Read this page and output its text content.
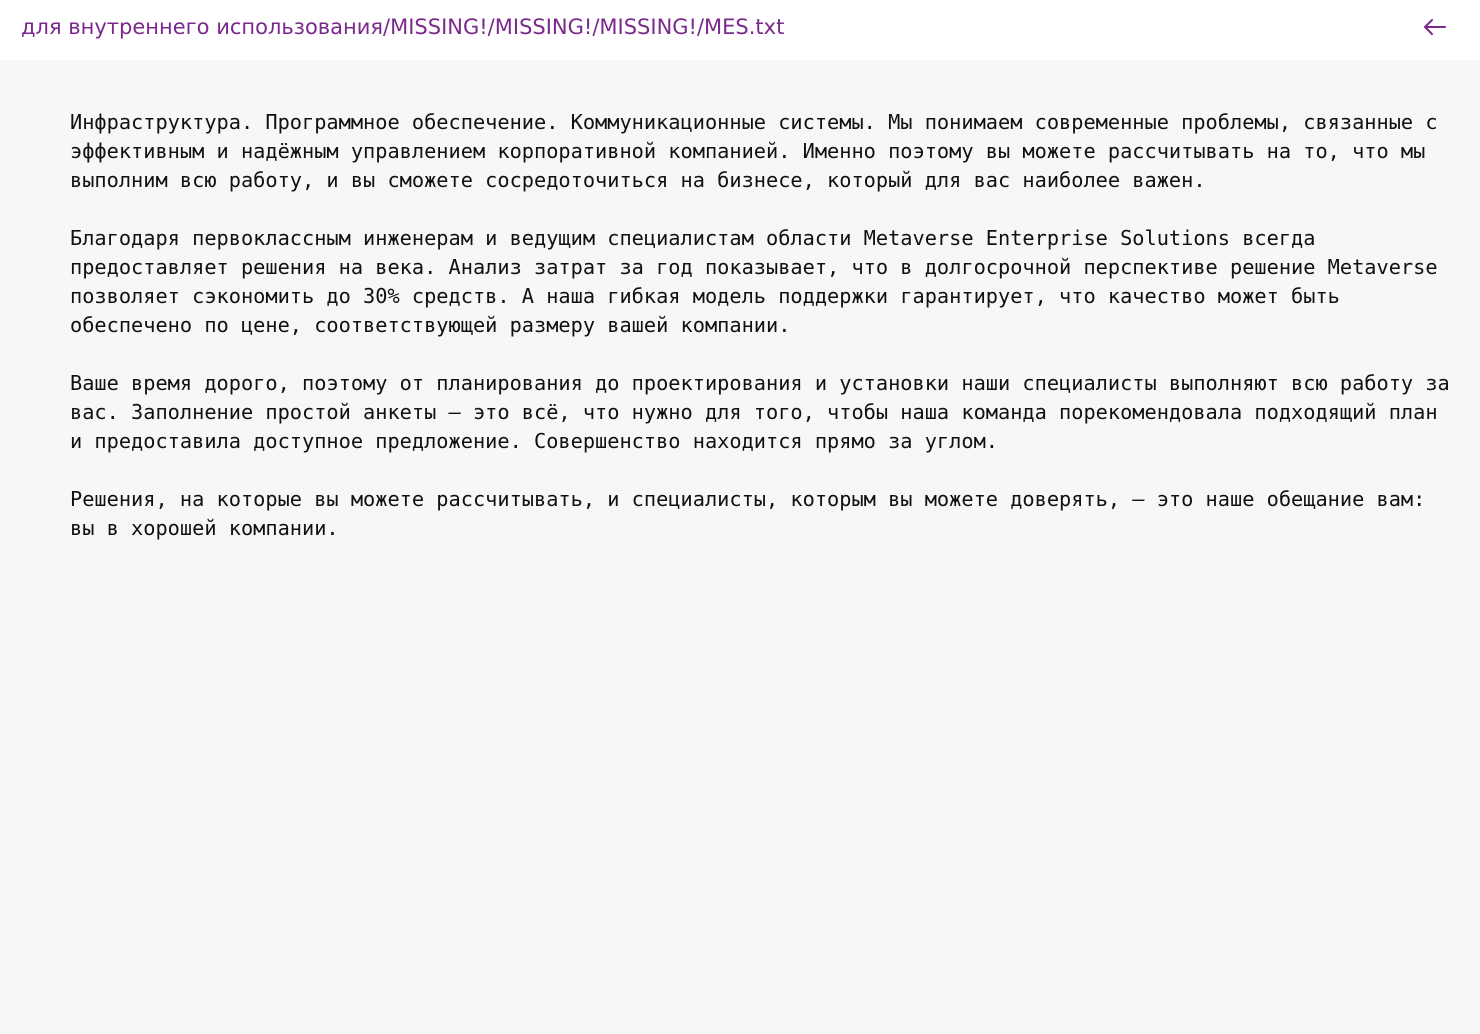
для внутреннего использования/MISSING!/MISSING!/MISSING!/MES.txt

Инфраструктура. Программное обеспечение. Коммуникационные системы. Мы понимаем современные проблемы, связанные с эффективным и надёжным управлением корпоративной компанией. Именно поэтому вы можете рассчитывать на то, что мы выполним всю работу, и вы сможете сосредоточиться на бизнесе, который для вас наиболее важен.

Благодаря первоклассным инженерам и ведущим специалистам области Metaverse Enterprise Solutions всегда предоставляет решения на века. Анализ затрат за год показывает, что в долгосрочной перспективе решение Metaverse позволяет сэкономить до 30% средств. А наша гибкая модель поддержки гарантирует, что качество может быть обеспечено по цене, соответствующей размеру вашей компании.

Ваше время дорого, поэтому от планирования до проектирования и установки наши специалисты выполняют всю работу за вас. Заполнение простой анкеты – это всё, что нужно для того, чтобы наша команда порекомендовала подходящий план и предоставила доступное предложение. Совершенство находится прямо за углом.

Решения, на которые вы можете рассчитывать, и специалисты, которым вы можете доверять, – это наше обещание вам: вы в хорошей компании.
